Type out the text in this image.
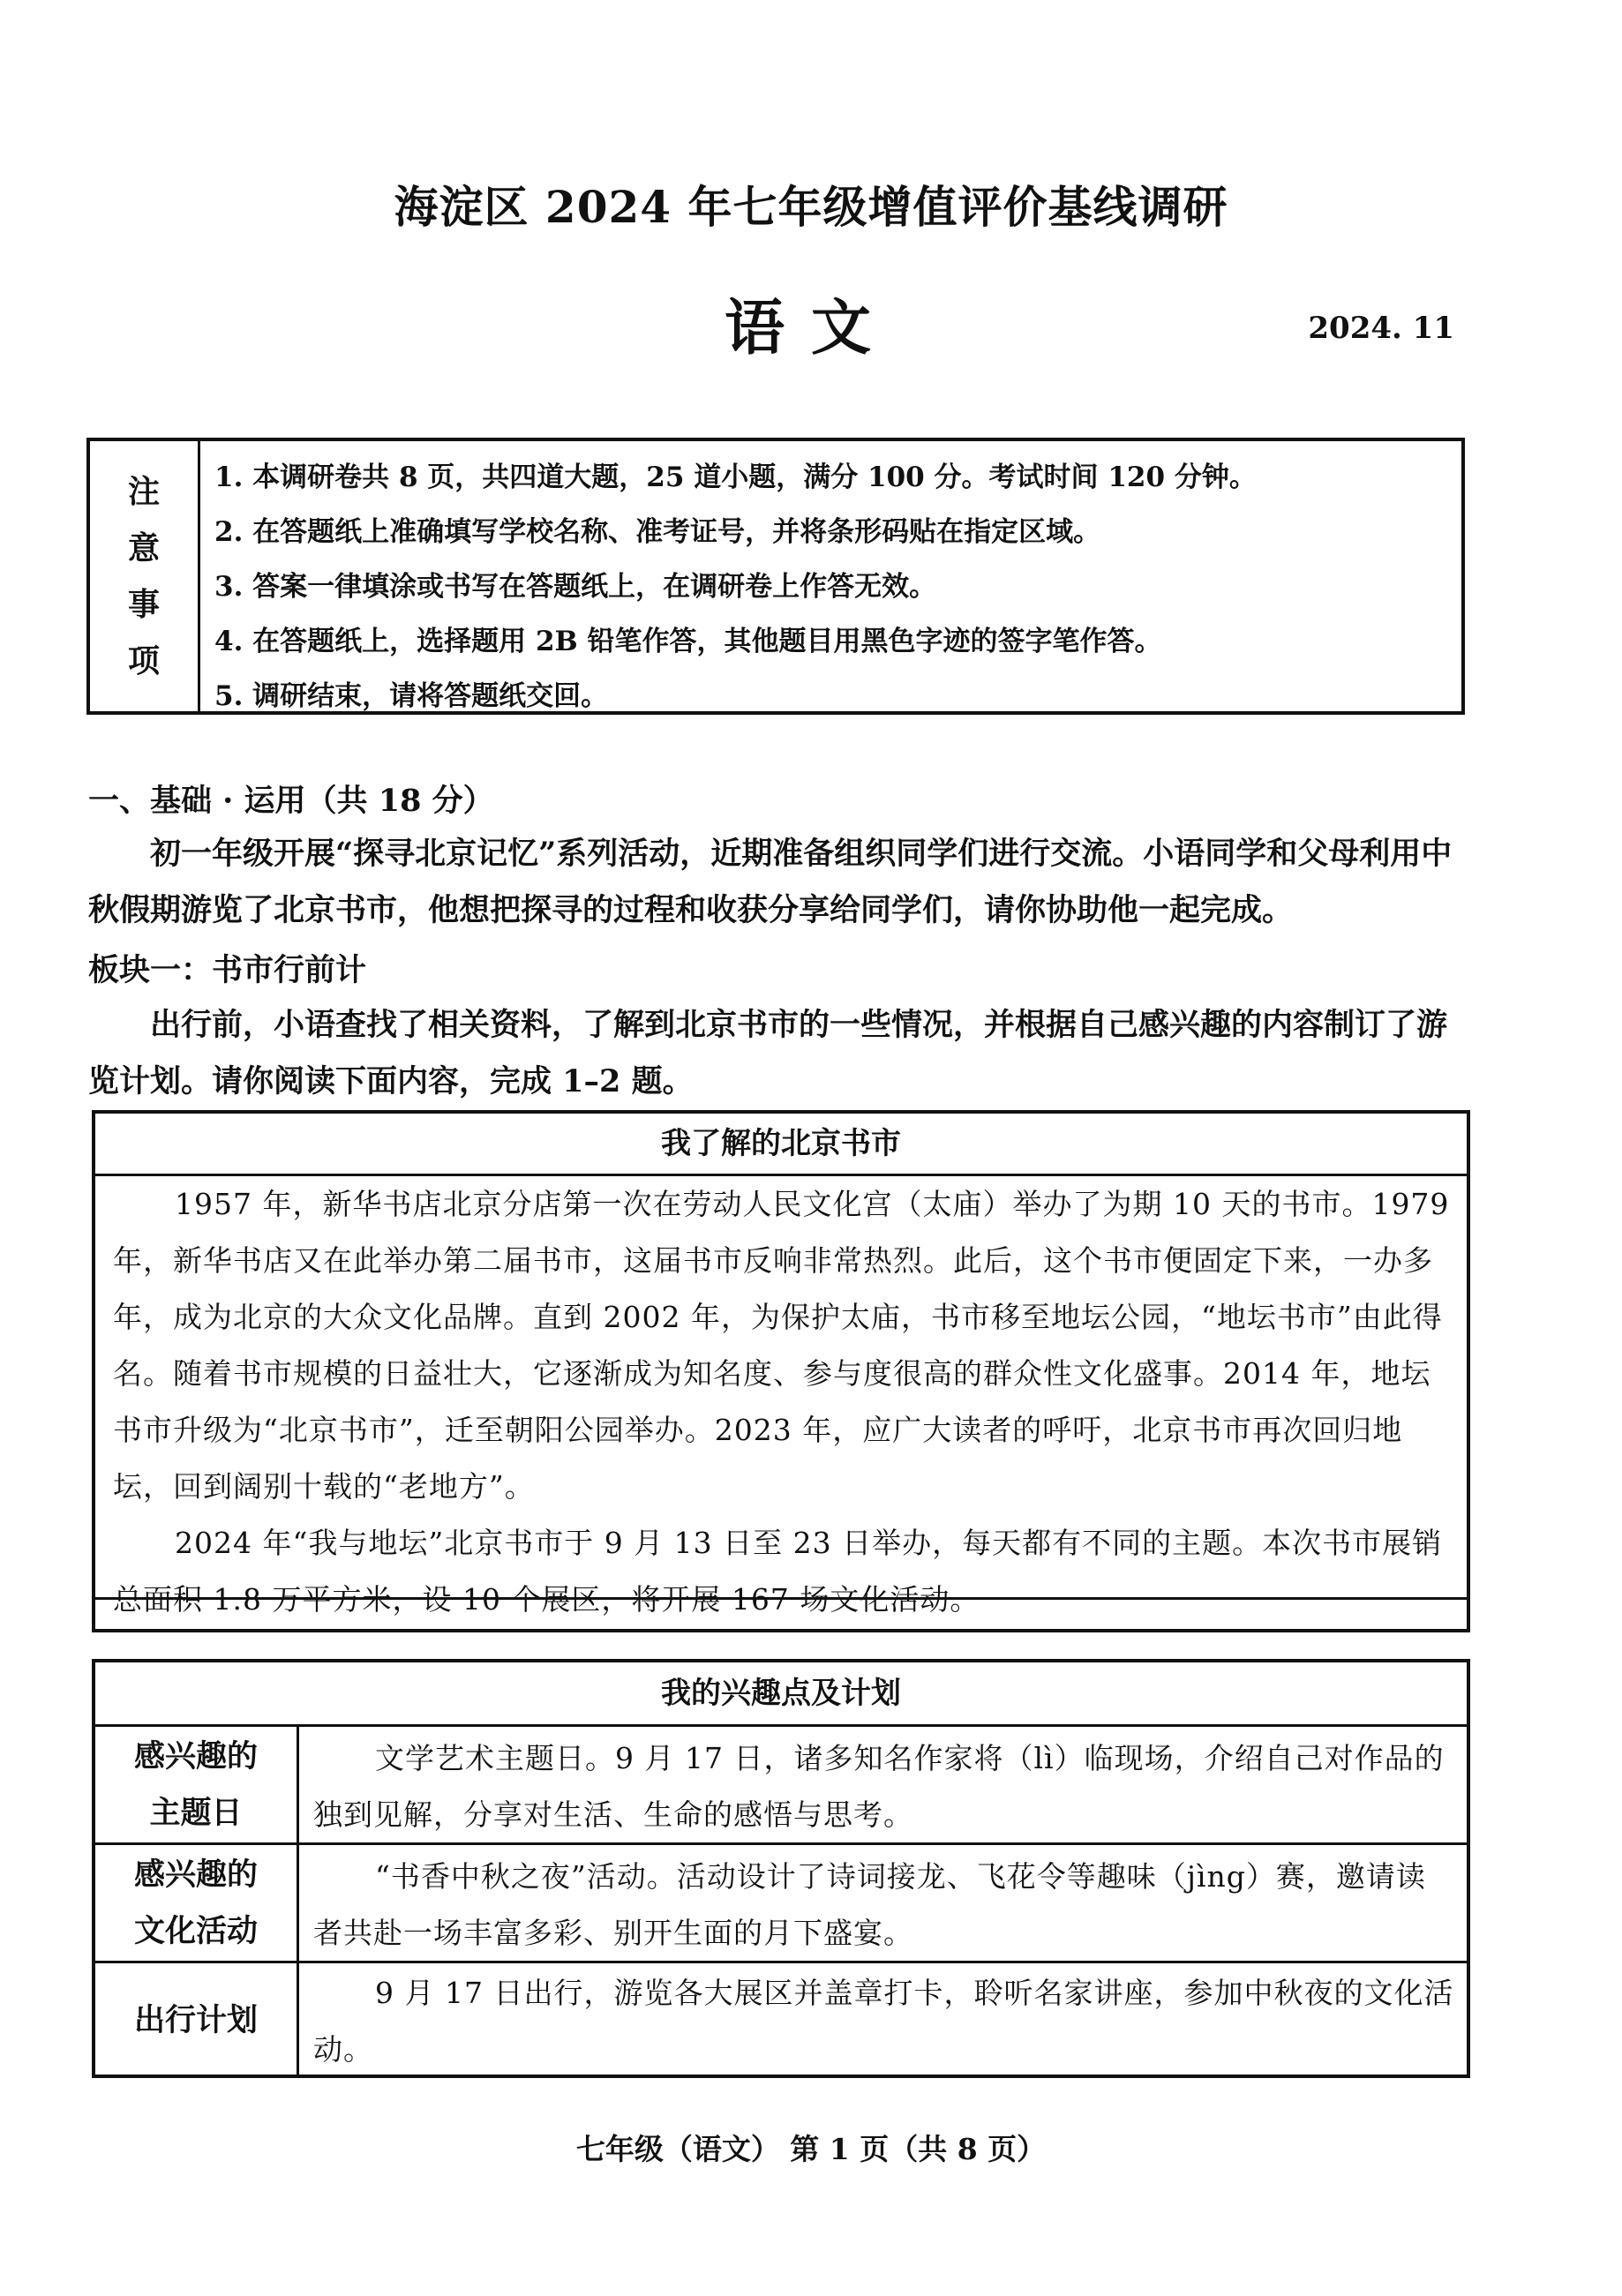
海淀区 2024 年七年级增值评价基线调研
语文	2024. 11
注
意
事
项
1. 本调研卷共 8 页，共四道大题，25 道小题，满分 100 分。考试时间 120 分钟。
2. 在答题纸上准确填写学校名称、准考证号，并将条形码贴在指定区域。
3. 答案一律填涂或书写在答题纸上，在调研卷上作答无效。
4. 在答题纸上，选择题用 2B 铅笔作答，其他题目用黑色字迹的签字笔作答。
5. 调研结束，请将答题纸交回。
一、基础 · 运用（共 18 分）
初一年级开展“探寻北京记忆”系列活动，近期准备组织同学们进行交流。小语同学和父母利用中秋假期游览了北京书市，他想把探寻的过程和收获分享给同学们，请你协助他一起完成。
板块一：书市行前计
出行前，小语查找了相关资料，了解到北京书市的一些情况，并根据自己感兴趣的内容制订了游览计划。请你阅读下面内容，完成 1–2 题。
我了解的北京书市
1957 年，新华书店北京分店第一次在劳动人民文化宫（太庙）举办了为期 10 天的书市。1979 年，新华书店又在此举办第二届书市，这届书市反响非常热烈。此后，这个书市便固定下来，一办多年，成为北京的大众文化品牌。直到 2002 年，为保护太庙，书市移至地坛公园，“地坛书市”由此得名。随着书市规模的日益壮大，它逐渐成为知名度、参与度很高的群众性文化盛事。2014 年，地坛书市升级为“北京书市”，迁至朝阳公园举办。2023 年，应广大读者的呼吁，北京书市再次回归地坛，回到阔别十载的“老地方”。
2024 年“我与地坛”北京书市于 9 月 13 日至 23 日举办，每天都有不同的主题。本次书市展销总面积 1.8 万平方米，设 10 个展区，将开展 167 场文化活动。
我的兴趣点及计划
感兴趣的
主题日
文学艺术主题日。9 月 17 日，诸多知名作家将（lì）临现场，介绍自己对作品的独到见解，分享对生活、生命的感悟与思考。
感兴趣的
文化活动
“书香中秋之夜”活动。活动设计了诗词接龙、飞花令等趣味（jìng）赛，邀请读者共赴一场丰富多彩、别开生面的月下盛宴。
出行计划
9 月 17 日出行，游览各大展区并盖章打卡，聆听名家讲座，参加中秋夜的文化活动。
七年级（语文） 第 1 页（共 8 页）
